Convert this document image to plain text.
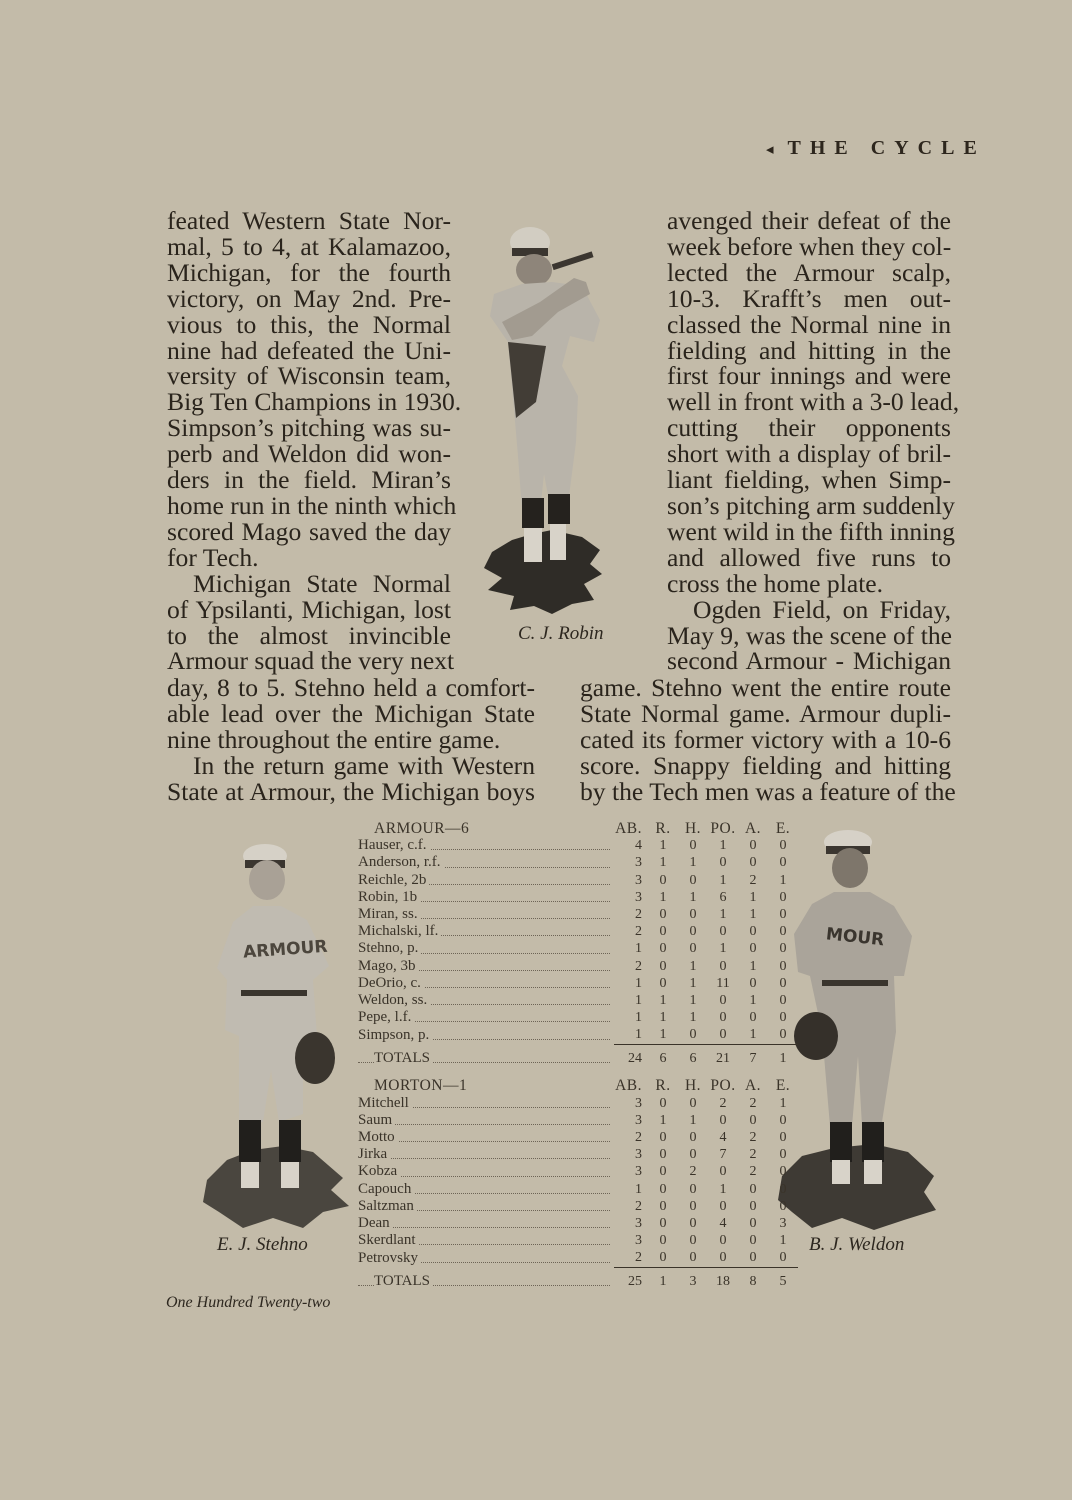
◂ THE CYCLE
feated Western State Nor-
mal, 5 to 4, at Kalamazoo,
Michigan, for the fourth
victory, on May 2nd. Pre-
vious to this, the Normal
nine had defeated the Uni-
versity of Wisconsin team,
Big Ten Champions in 1930.
Simpson’s pitching was su-
perb and Weldon did won-
ders in the field. Miran’s
home run in the ninth which
scored Mago saved the day
for Tech.
Michigan State Normal
of Ypsilanti, Michigan, lost
to the almost invincible
Armour squad the very next
avenged their defeat of the
week before when they col-
lected the Armour scalp,
10-3. Krafft’s men out-
classed the Normal nine in
fielding and hitting in the
first four innings and were
well in front with a 3-0 lead,
cutting their opponents
short with a display of bril-
liant fielding, when Simp-
son’s pitching arm suddenly
went wild in the fifth inning
and allowed five runs to
cross the home plate.
Ogden Field, on Friday,
May 9, was the scene of the
second Armour - Michigan
day, 8 to 5. Stehno held a comfort-
able lead over the Michigan State
nine throughout the entire game.
In the return game with Western
State at Armour, the Michigan boys
game. Stehno went the entire route
State Normal game. Armour dupli-
cated its former victory with a 10-6
score. Snappy fielding and hitting
by the Tech men was a feature of the
C. J. Robin
ARMOUR
E. J. Stehno
MOUR
B. J. Weldon
ARMOUR—6	AB.	R.	H.	PO.	A.	E.

Hauser, c.f.	4	1	0	1	0	0

Anderson, r.f.	3	1	1	0	0	0

Reichle, 2b	3	0	0	1	2	1

Robin, 1b	3	1	1	6	1	0

Miran, ss.	2	0	0	1	1	0

Michalski, lf.	2	0	0	0	0	0

Stehno, p.	1	0	0	1	0	0

Mago, 3b	2	0	1	0	1	0

DeOrio, c.	1	0	1	11	0	0

Weldon, ss.	1	1	1	0	1	0

Pepe, l.f.	1	1	1	0	0	0

Simpson, p.	1	1	0	0	1	0

TOTALS	24	6	6	21	7	1

MORTON—1	AB.	R.	H.	PO.	A.	E.

Mitchell	3	0	0	2	2	1

Saum	3	1	1	0	0	0

Motto	2	0	0	4	2	0

Jirka	3	0	0	7	2	0

Kobza	3	0	2	0	2	0

Capouch	1	0	0	1	0	0

Saltzman	2	0	0	0	0	0

Dean	3	0	0	4	0	3

Skerdlant	3	0	0	0	0	1

Petrovsky	2	0	0	0	0	0

TOTALS	25	1	3	18	8	5
One Hundred Twenty-two
